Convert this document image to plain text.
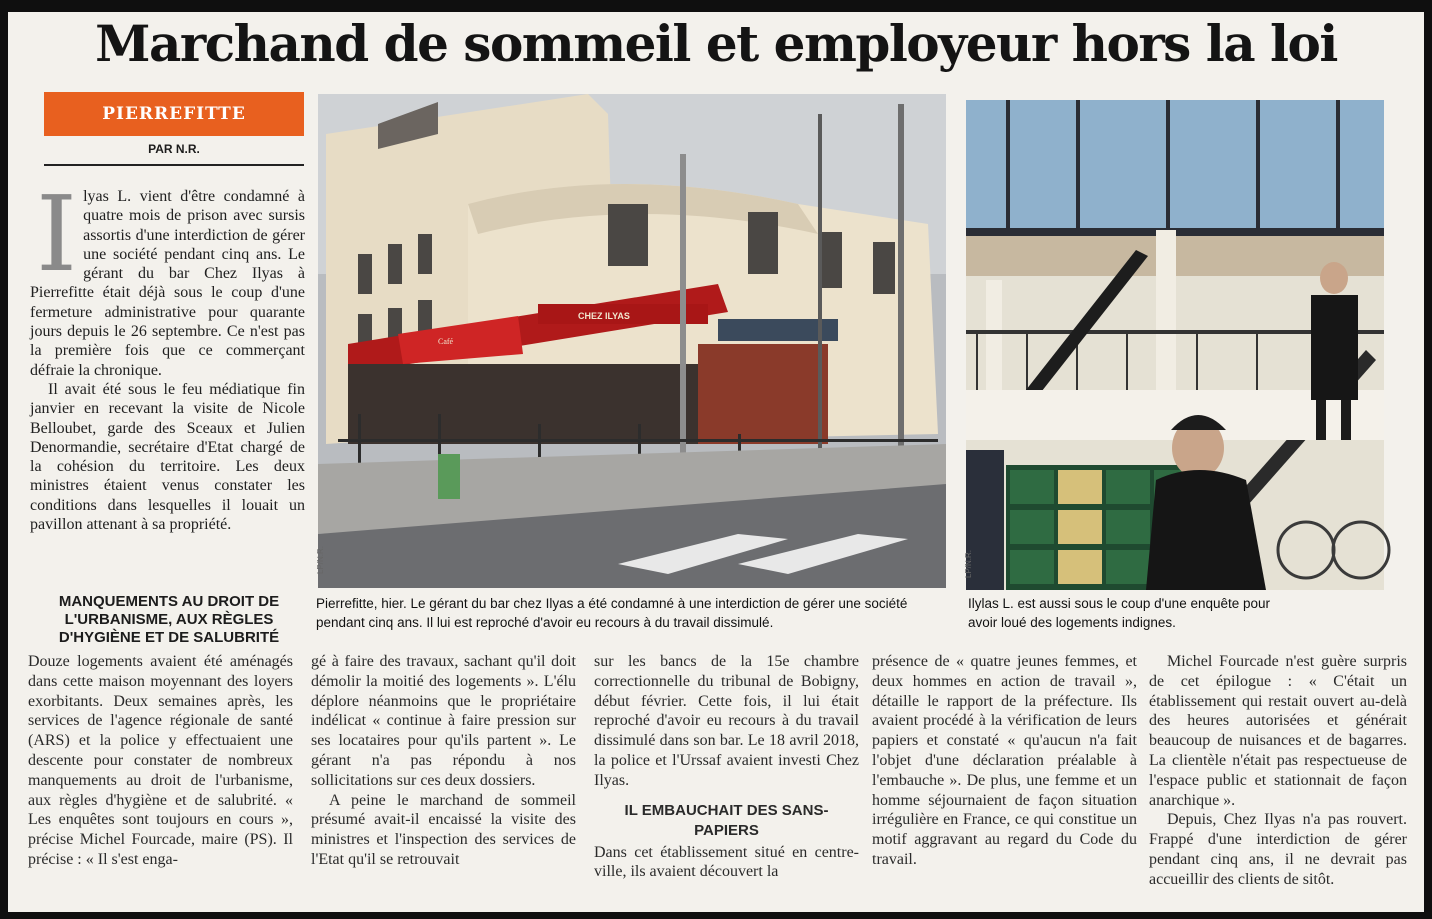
Marchand de sommeil et employeur hors la loi
PIERREFITTE
PAR N.R.

Ilyas L. vient d'être condamné à quatre mois de prison avec sursis assortis d'une interdiction de gérer une société pendant cinq ans. Le gérant du bar Chez Ilyas à Pierrefitte était déjà sous le coup d'une fermeture administrative pour quarante jours depuis le 26 septembre. Ce n'est pas la première fois que ce commerçant défraie la chronique.

Il avait été sous le feu médiatique fin janvier en recevant la visite de Nicole Belloubet, garde des Sceaux et Julien Denormandie, secrétaire d'Etat chargé de la cohésion du territoire. Les deux ministres étaient venus constater les conditions dans lesquelles il louait un pavillon attenant à sa propriété.

CHEZ ILYAS
Café
LP/N.R.
Pierrefitte, hier. Le gérant du bar chez Ilyas a été condamné à une interdiction de gérer une société pendant cinq ans. Il lui est reproché d'avoir eu recours à du travail dissimulé.
LP/N.R.
Ilylas L. est aussi sous le coup d'une enquête pour avoir loué des logements indignes.
MANQUEMENTS AU DROIT DE L'URBANISME, AUX RÈGLES D'HYGIÈNE ET DE SALUBRITÉ

Douze logements avaient été aménagés dans cette maison moyennant des loyers exorbitants. Deux semaines après, les services de l'agence régionale de santé (ARS) et la police y effectuaient une descente pour constater de nombreux manquements au droit de l'urbanisme, aux règles d'hygiène et de salubrité. « Les enquêtes sont toujours en cours », précise Michel Fourcade, maire (PS). Il précise : « Il s'est enga-

gé à faire des travaux, sachant qu'il doit démolir la moitié des logements ». L'élu déplore néanmoins que le propriétaire indélicat « continue à faire pression sur ses locataires pour qu'ils partent ». Le gérant n'a pas répondu à nos sollicitations sur ces deux dossiers.

A peine le marchand de sommeil présumé avait-il encaissé la visite des ministres et l'inspection des services de l'Etat qu'il se retrouvait

sur les bancs de la 15e chambre correctionnelle du tribunal de Bobigny, début février. Cette fois, il lui était reproché d'avoir eu recours à du travail dissimulé dans son bar. Le 18 avril 2018, la police et l'Urssaf avaient investi Chez Ilyas.

IL EMBAUCHAIT DES SANS-PAPIERS

Dans cet établissement situé en centre-ville, ils avaient découvert la

présence de « quatre jeunes femmes, et deux hommes en action de travail », détaille le rapport de la préfecture. Ils avaient procédé à la vérification de leurs papiers et constaté « qu'aucun n'a fait l'objet d'une déclaration préalable à l'embauche ». De plus, une femme et un homme séjournaient de façon situation irrégulière en France, ce qui constitue un motif aggravant au regard du Code du travail.

Michel Fourcade n'est guère surpris de cet épilogue : « C'était un établissement qui restait ouvert au-delà des heures autorisées et générait beaucoup de nuisances et de bagarres. La clientèle n'était pas respectueuse de l'espace public et stationnait de façon anarchique ».

Depuis, Chez Ilyas n'a pas rouvert. Frappé d'une interdiction de gérer pendant cinq ans, il ne devrait pas accueillir des clients de sitôt.
